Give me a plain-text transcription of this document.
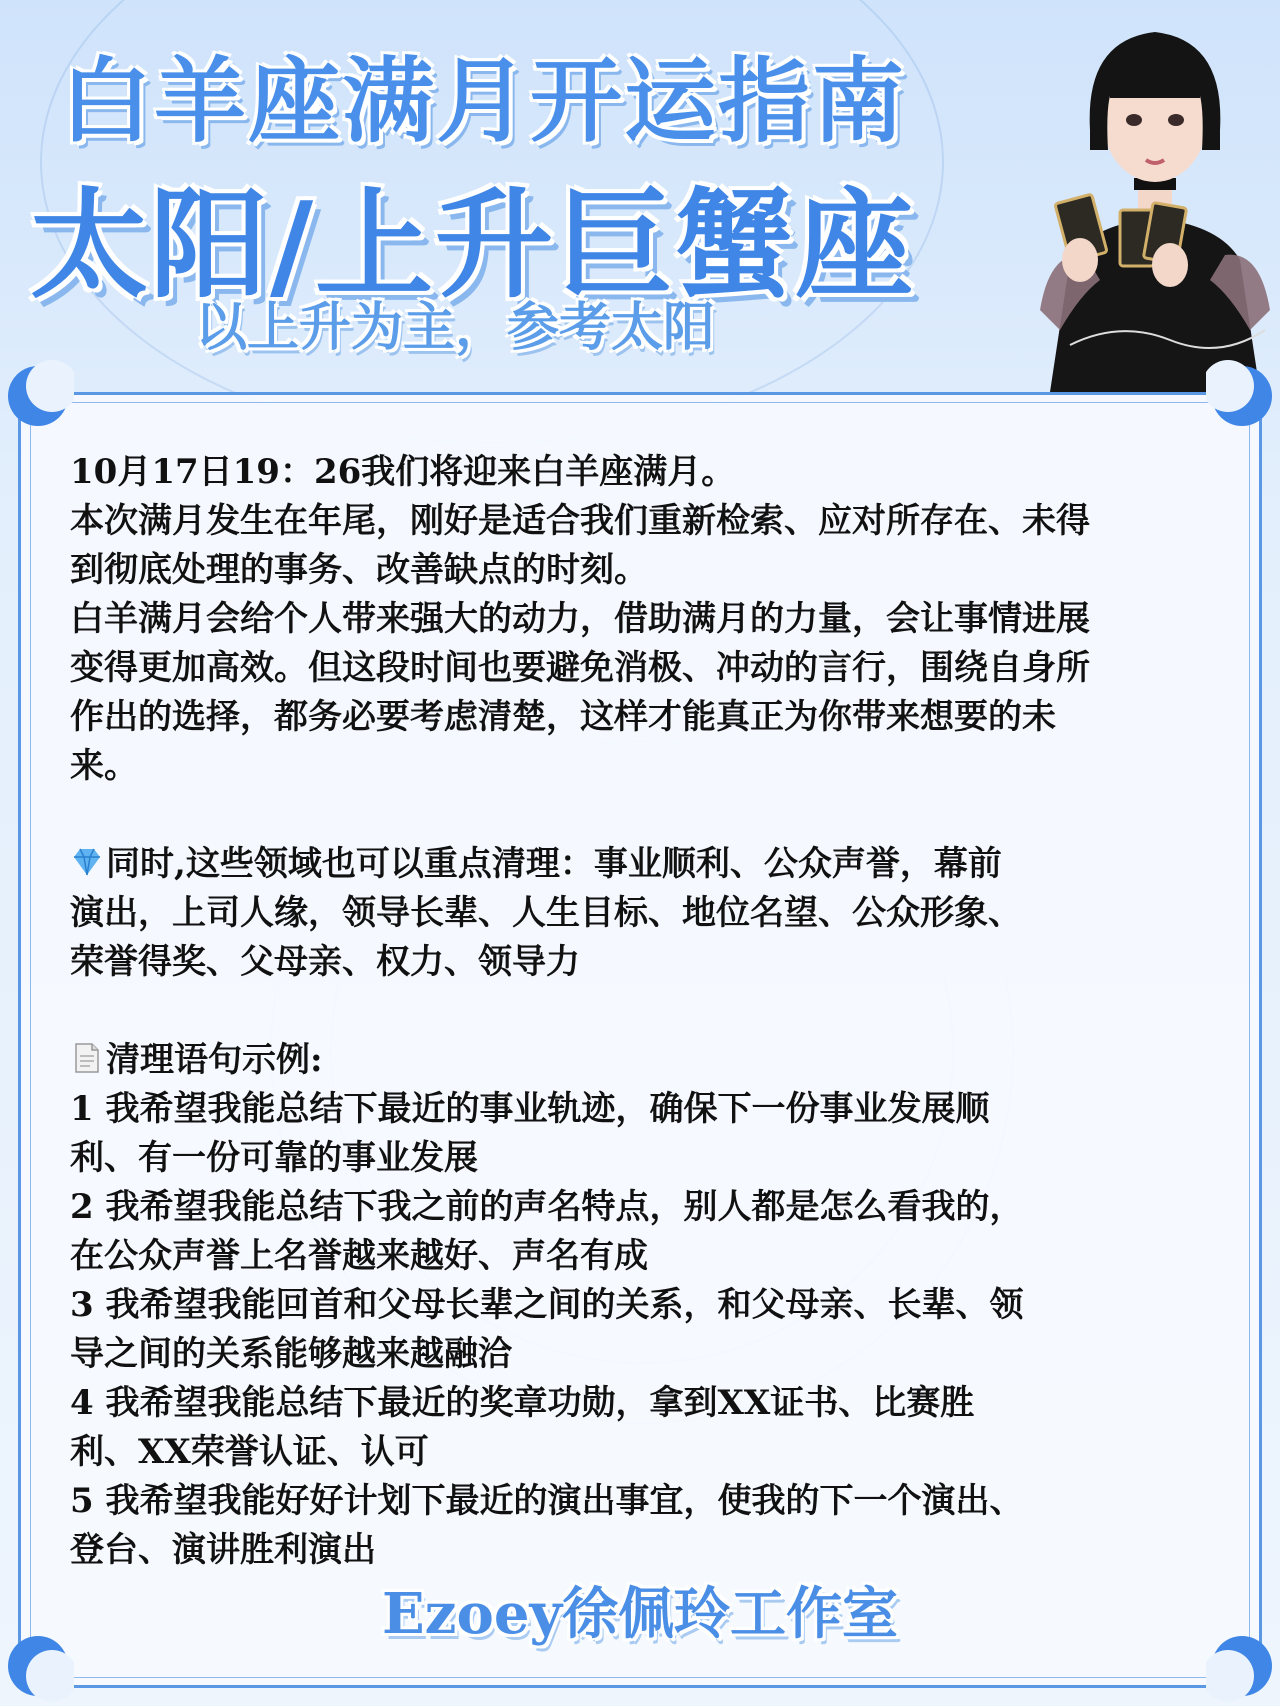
白羊座满月开运指南
太阳/上升巨蟹座
以上升为主，参考太阳

10月17日19：26我们将迎来白羊座满月。

本次满月发生在年尾，刚好是适合我们重新检索、应对所存在、未得

到彻底处理的事务、改善缺点的时刻。

白羊满月会给个人带来强大的动力，借助满月的力量，会让事情进展

变得更加高效。但这段时间也要避免消极、冲动的言行，围绕自身所

作出的选择，都务必要考虑清楚，这样才能真正为你带来想要的未

来。

同时,这些领域也可以重点清理：事业顺利、公众声誉，幕前

演出，上司人缘，领导长辈、人生目标、地位名望、公众形象、

荣誉得奖、父母亲、权力、领导力

清理语句示例:

1 我希望我能总结下最近的事业轨迹，确保下一份事业发展顺

利、有一份可靠的事业发展

2 我希望我能总结下我之前的声名特点，别人都是怎么看我的，

在公众声誉上名誉越来越好、声名有成

3 我希望我能回首和父母长辈之间的关系，和父母亲、长辈、领

导之间的关系能够越来越融洽

4 我希望我能总结下最近的奖章功勋，拿到XX证书、比赛胜

利、XX荣誉认证、认可

5 我希望我能好好计划下最近的演出事宜，使我的下一个演出、

登台、演讲胜利演出

Ezoey徐佩玲工作室
